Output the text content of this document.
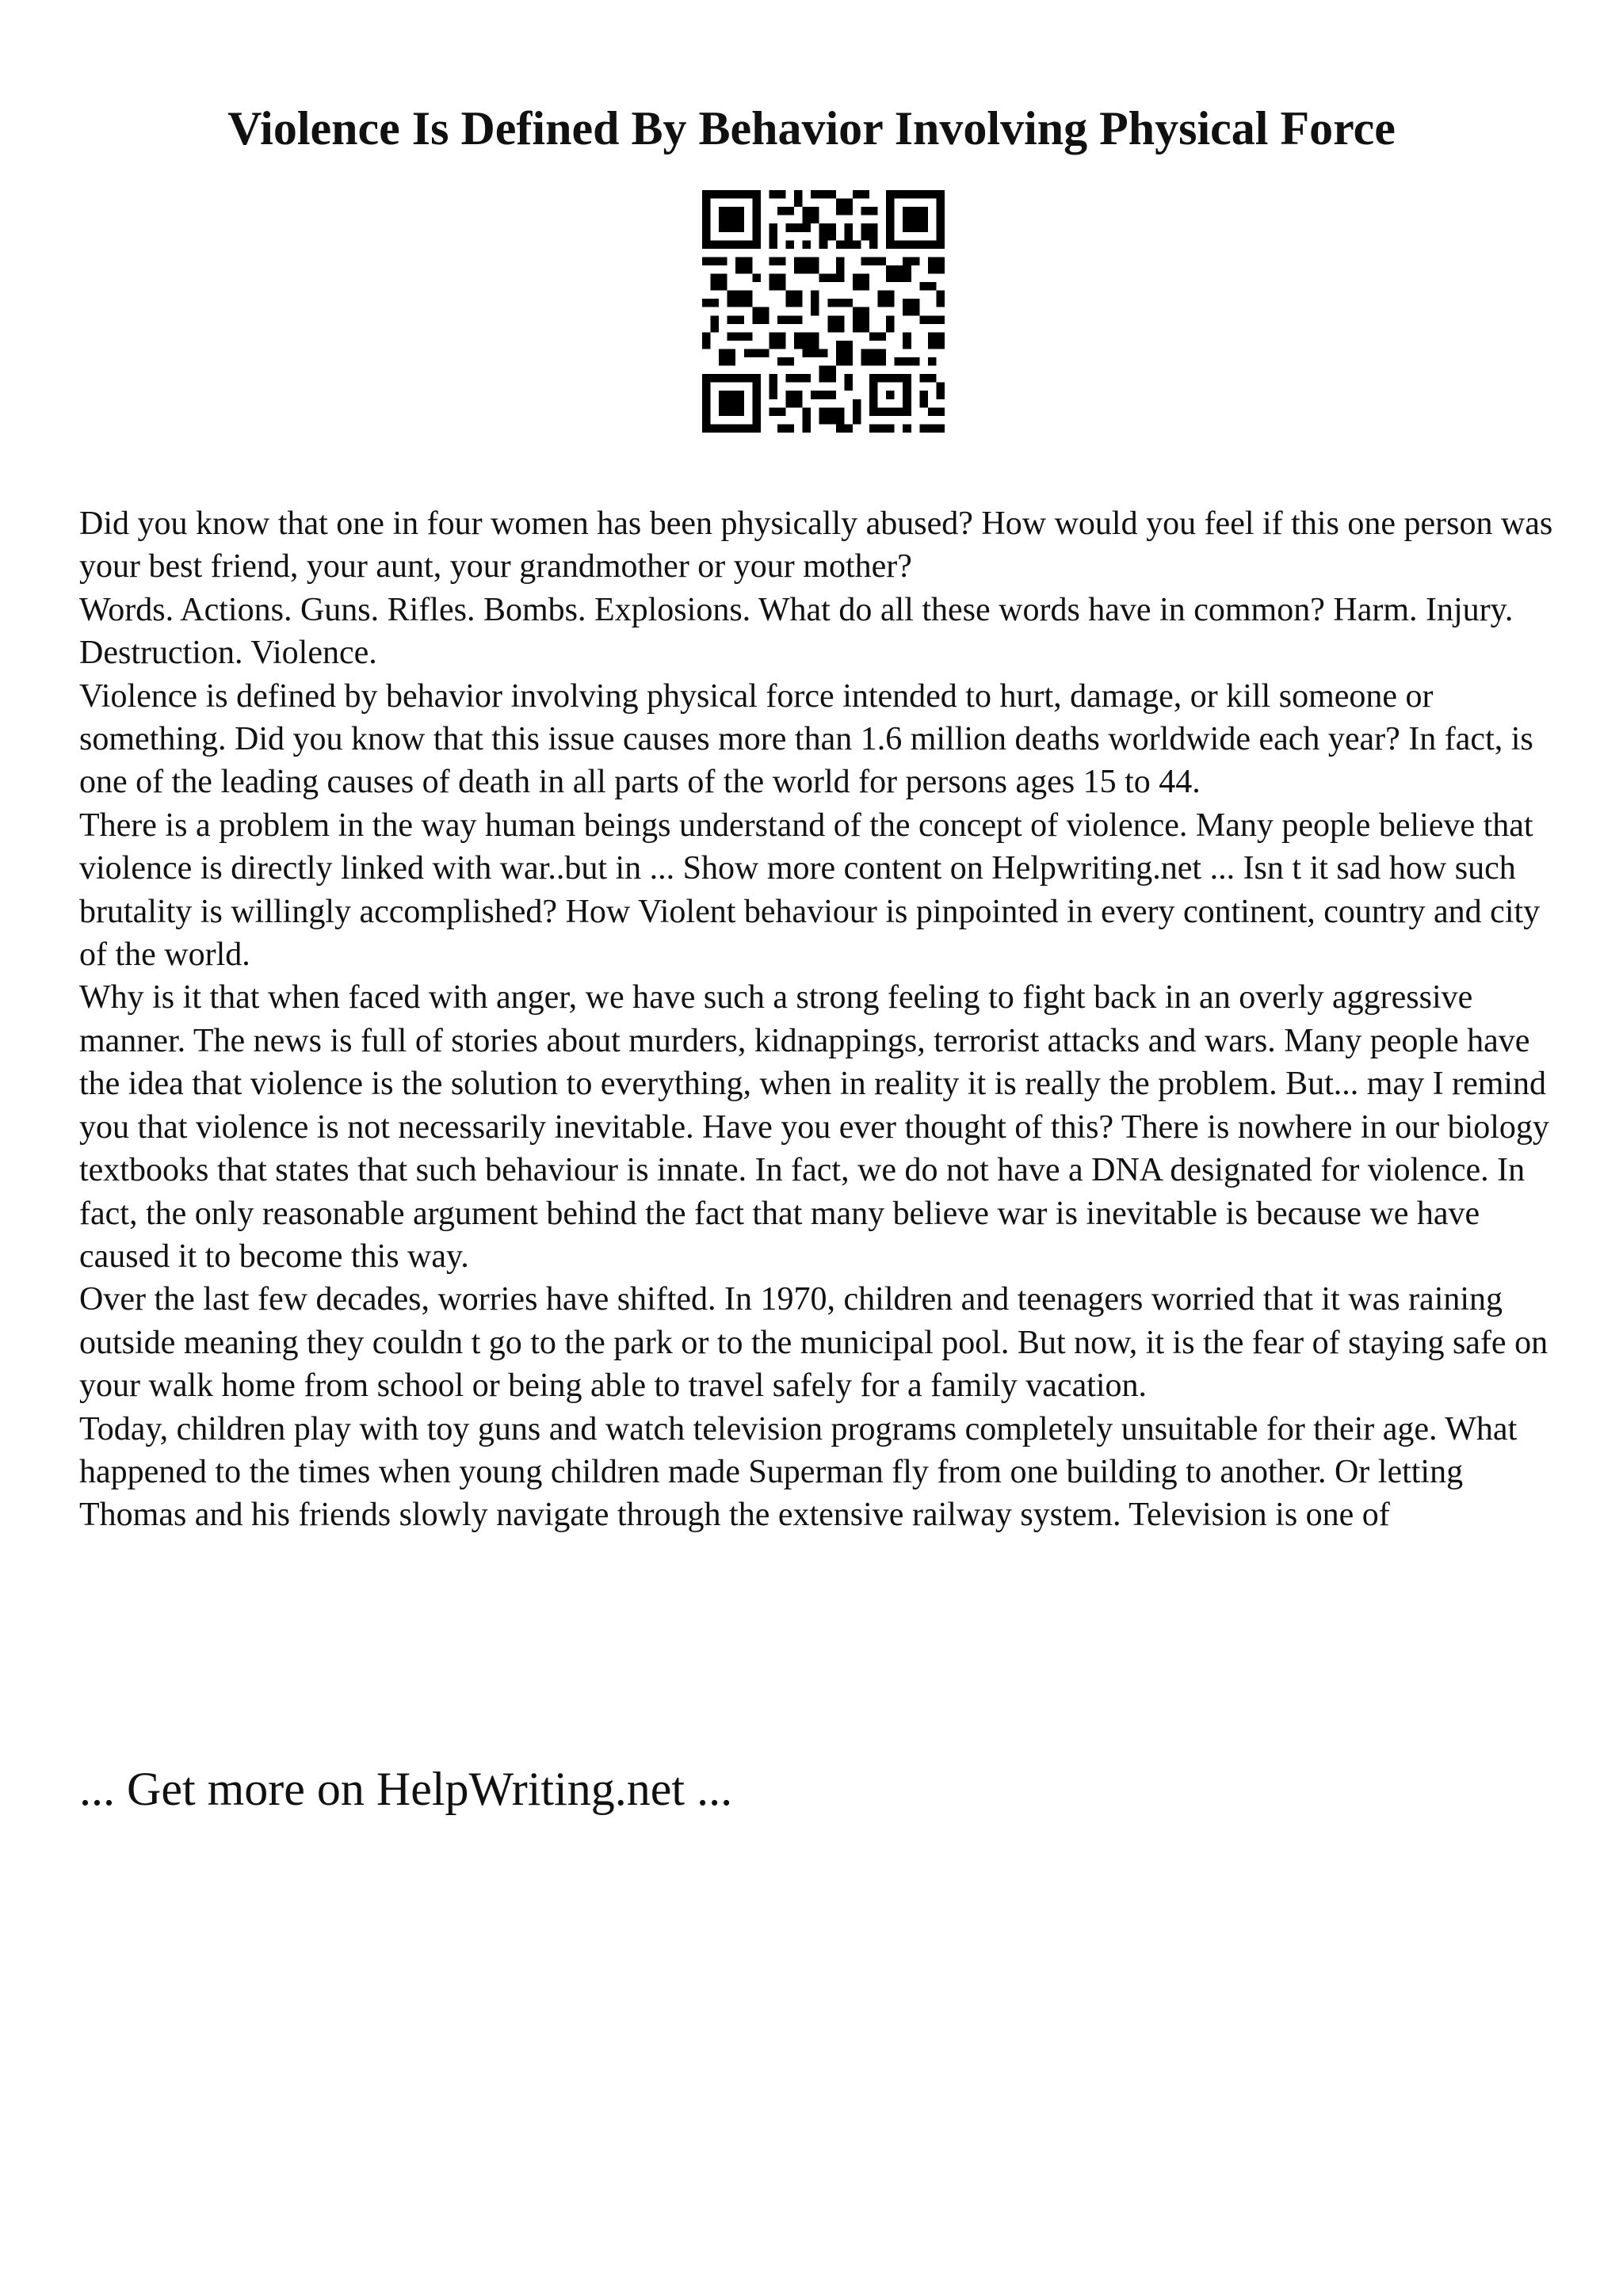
Violence Is Defined By Behavior Involving Physical Force

Did you know that one in four women has been physically abused? How would you feel if this one person was your best friend, your aunt, your grandmother or your mother?

Words. Actions. Guns. Rifles. Bombs. Explosions. What do all these words have in common? Harm. Injury. Destruction. Violence.

Violence is defined by behavior involving physical force intended to hurt, damage, or kill someone or something. Did you know that this issue causes more than 1.6 million deaths worldwide each year? In fact, is one of the leading causes of death in all parts of the world for persons ages 15 to 44.

There is a problem in the way human beings understand of the concept of violence. Many people believe that violence is directly linked with war..but in ... Show more content on Helpwriting.net ... Isn t it sad how such brutality is willingly accomplished? How Violent behaviour is pinpointed in every continent, country and city of the world.

Why is it that when faced with anger, we have such a strong feeling to fight back in an overly aggressive manner. The news is full of stories about murders, kidnappings, terrorist attacks and wars. Many people have the idea that violence is the solution to everything, when in reality it is really the problem. But... may I remind you that violence is not necessarily inevitable. Have you ever thought of this? There is nowhere in our biology textbooks that states that such behaviour is innate. In fact, we do not have a DNA designated for violence. In fact, the only reasonable argument behind the fact that many believe war is inevitable is because we have caused it to become this way.

Over the last few decades, worries have shifted. In 1970, children and teenagers worried that it was raining outside meaning they couldn t go to the park or to the municipal pool. But now, it is the fear of staying safe on your walk home from school or being able to travel safely for a family vacation.

Today, children play with toy guns and watch television programs completely unsuitable for their age. What happened to the times when young children made Superman fly from one building to another. Or letting Thomas and his friends slowly navigate through the extensive railway system. Television is one of

... Get more on HelpWriting.net ...
